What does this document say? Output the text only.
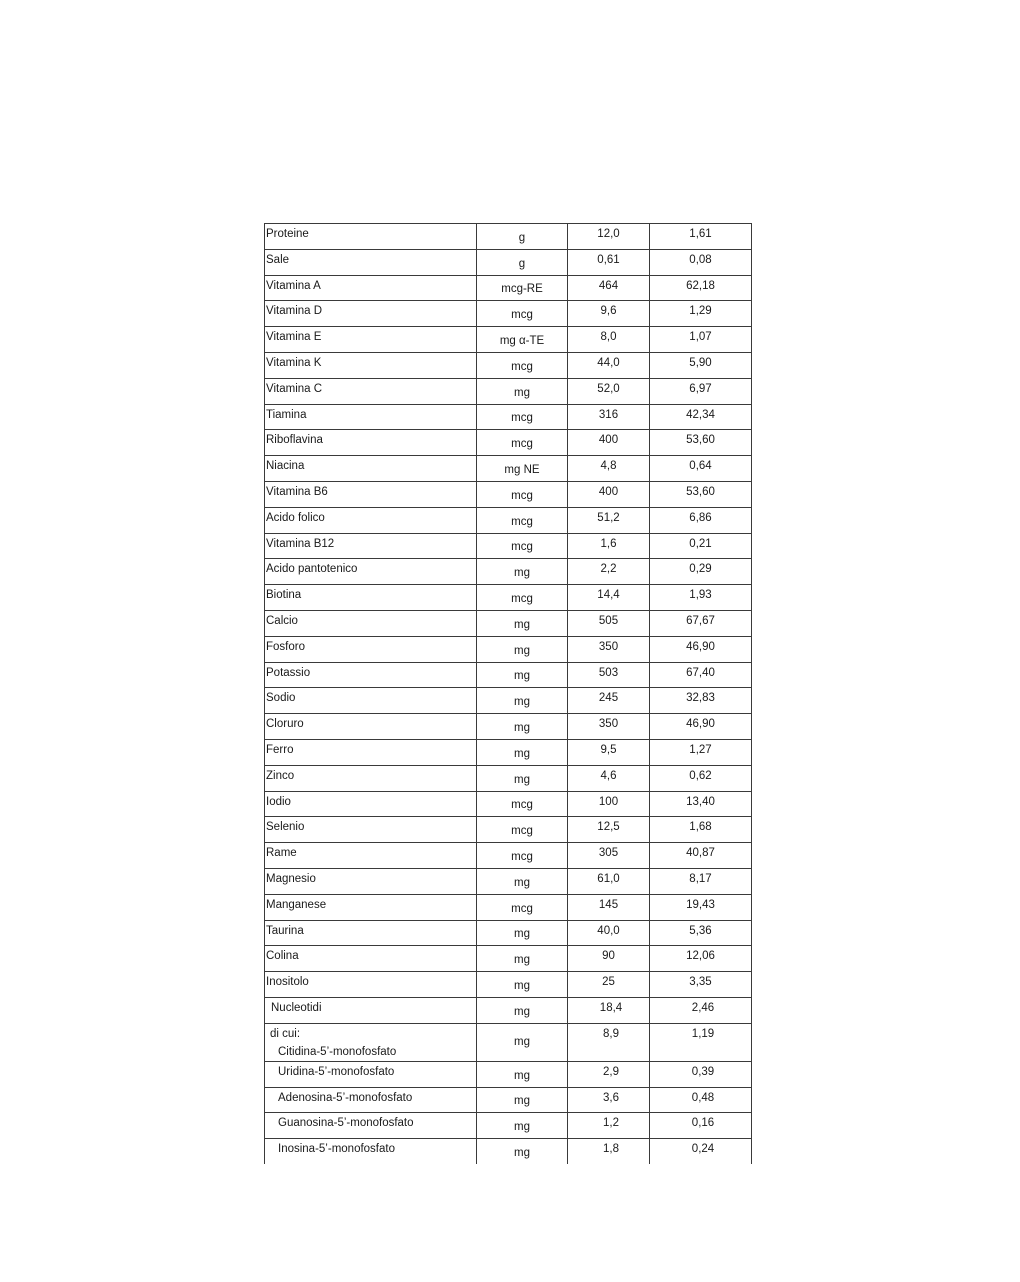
Proteine	g	12,0	1,61
Sale	g	0,61	0,08
Vitamina A	mcg-RE	464	62,18
Vitamina D	mcg	9,6	1,29
Vitamina E	mg α-TE	8,0	1,07
Vitamina K	mcg	44,0	5,90
Vitamina C	mg	52,0	6,97
Tiamina	mcg	316	42,34
Riboflavina	mcg	400	53,60
Niacina	mg NE	4,8	0,64
Vitamina B6	mcg	400	53,60
Acido folico	mcg	51,2	6,86
Vitamina B12	mcg	1,6	0,21
Acido pantotenico	mg	2,2	0,29
Biotina	mcg	14,4	1,93
Calcio	mg	505	67,67
Fosforo	mg	350	46,90
Potassio	mg	503	67,40
Sodio	mg	245	32,83
Cloruro	mg	350	46,90
Ferro	mg	9,5	1,27
Zinco	mg	4,6	0,62
Iodio	mcg	100	13,40
Selenio	mcg	12,5	1,68
Rame	mcg	305	40,87
Magnesio	mg	61,0	8,17
Manganese	mcg	145	19,43
Taurina	mg	40,0	5,36
Colina	mg	90	12,06
Inositolo	mg	25	3,35
Nucleotidi	mg	18,4	2,46

di cui:
Citidina-5’-monofosfato	mg	8,9	1,19
Uridina-5’-monofosfato	mg	2,9	0,39
Adenosina-5’-monofosfato	mg	3,6	0,48
Guanosina-5’-monofosfato	mg	1,2	0,16
Inosina-5’-monofosfato	mg	1,8	0,24
